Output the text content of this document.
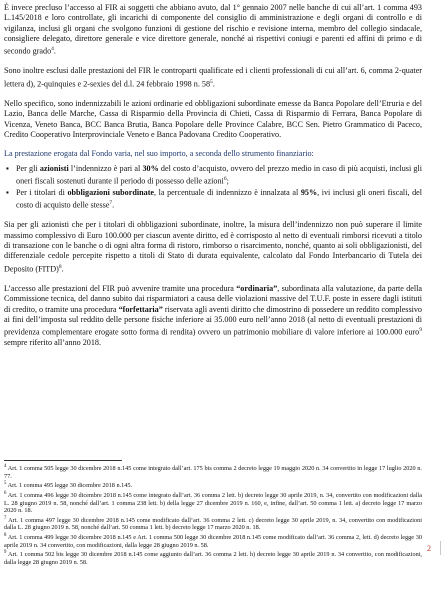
È invece precluso l’accesso al FIR ai soggetti che abbiano avuto, dal 1° gennaio 2007 nelle banche di cui all’art. 1 comma 493 L.145/2018 e loro controllate, gli incarichi di componente del consiglio di amministrazione e degli organi di controllo e di vigilanza, inclusi gli organi che svolgono funzioni di gestione del rischio e revisione interna, membro del collegio sindacale, consigliere delegato, direttore generale e vice direttore generale, nonché ai rispettivi coniugi e parenti ed affini di primo e di secondo grado$^4$.

Sono inoltre esclusi dalle prestazioni del FIR le controparti qualificate ed i clienti professionali di cui all’art. 6, comma 2-quater lettera d), 2-quinquies e 2-sexies del d.l. 24 febbraio 1998 n. $58^5$.

Nello specifico, sono indennizzabili le azioni ordinarie ed obbligazioni subordinate emesse da Banca Popolare dell’Etruria e del Lazio, Banca delle Marche, Cassa di Risparmio della Provincia di Chieti, Cassa di Risparmio di Ferrara, Banca Popolare di Vicenza, Veneto Banca, BCC Banca Brutia, Banca Popolare delle Province Calabre, BCC Sen. Pietro Grammatico di Paceco, Credito Cooperativo Interprovinciale Veneto e Banca Padovana Credito Cooperativo.

La prestazione erogata dal Fondo varia, nel suo importo, a seconda dello strumento finanziario:

▪ Per gli azionisti l’indennizzo è pari al 30% del costo d’acquisto, ovvero del prezzo medio in caso di più acquisti, inclusi gli oneri fiscali sostenuti durante il periodo di possesso delle azioni$^6$;
▪ Per i titolari di obbligazioni subordinate, la percentuale di indennizzo è innalzata al 95%, ivi inclusi gli oneri fiscali, del costo di acquisto delle stesse$^7$.

Sia per gli azionisti che per i titolari di obbligazioni subordinate, inoltre, la misura dell’indennizzo non può superare il limite massimo complessivo di Euro 100.000 per ciascun avente diritto, ed è corrisposto al netto di eventuali rimborsi ricevuti a titolo di transazione con le banche o di ogni altra forma di ristoro, rimborso o risarcimento, nonché, quanto ai soli obbligazionisti, del differenziale cedole percepite rispetto a titoli di Stato di durata equivalente, calcolato dal Fondo Interbancario di Tutela dei Deposito (FITD)$^8$.

L’accesso alle prestazioni del FIR può avvenire tramite una procedura “ordinaria”, subordinata alla valutazione, da parte della Commissione tecnica, del danno subito dai risparmiatori a causa delle violazioni massive del T.U.F. poste in essere dagli istituti di credito, o tramite una procedura “forfettaria” riservata agli aventi diritto che dimostrino di possedere un reddito complessivo ai fini dell’imposta sul reddito delle persone fisiche inferiore ai 35.000 euro nell’anno 2018 (al netto di eventuali prestazioni di previdenza complementare erogate sotto forma di rendita) ovvero un patrimonio mobiliare di valore inferiore ai 100.000 euro$^9$ sempre riferito all’anno 2018.

$^4$ Art. 1 comma 505 legge 30 dicembre 2018 n.145 come integrato dall’art. 175 bis comma 2 decreto legge 19 maggio 2020 n. 34 convertito in legge 17 luglio 2020 n. 77.

$^5$ Art. 1 comma 495 legge 30 dicembre 2018 n.145.

$^6$ Art. 1 comma 496 legge 30 dicembre 2018 n.145 come integrato dall’art. 36 comma 2 lett. b) decreto legge 30 aprile 2019, n. 34, convertito con modificazioni dalla L. 28 giugno 2019 n. 58, nonché dall’art. 1 comma 238 lett. b) della legge 27 dicembre 2019 n. 160, e, infine, dall’art. 50 comma 1 lett. a) decreto legge 17 marzo 2020 n. 18.

$^7$ Art. 1 comma 497 legge 30 dicembre 2018 n.145 come modificato dall’art. 36 comma 2 lett. c) decreto legge 30 aprile 2019, n. 34, convertito con modificazioni dalla L. 28 giugno 2019 n. 58, nonché dall’art. 50 comma 1 lett. b) decreto legge 17 marzo 2020 n. 18.

$^8$ Art. 1 comma 499 legge 30 dicembre 2018 n.145 e Art. 1 comma 500 legge 30 dicembre 2018 n.145 come modificato dall’art. 36 comma 2, lett. d) decreto legge 30 aprile 2019 n. 34 convertito, con modificazioni, dalla legge 28 giugno 2019 n. 58.

$^9$ Art. 1 comma 502 bis legge 30 dicembre 2018 n.145 come aggiunto dall’art. 36 comma 2 lett. h) decreto legge 30 aprile 2019 n. 34 convertito, con modificazioni, dalla legge 28 giugno 2019 n. 58.

2
